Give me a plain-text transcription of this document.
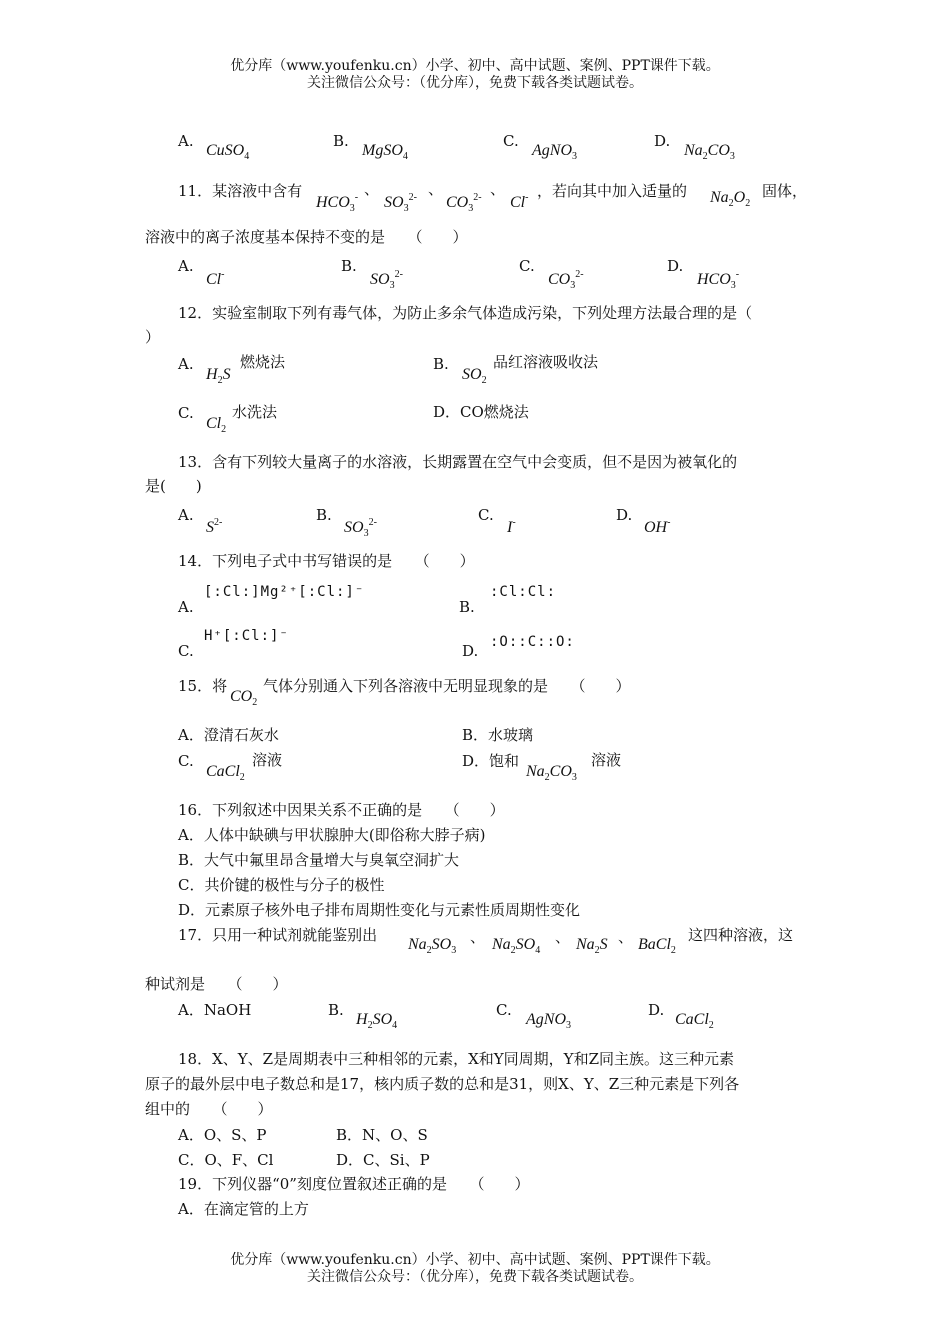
优分库（www.youfenku.cn）小学、初中、高中试题、案例、PPT课件下载。
关注微信公众号：（优分库），免费下载各类试题试卷。
A.
CuSO$_4$
B.
MgSO$_4$
C.
AgNO$_3$
D.
$Na_2CO_3$
11．某溶液中含有
$HCO_3^-$ 、
$SO_3^{2-}$ 、
$CO_3^{2-}$ 、
Cl- ，若向其中加入适量的 $Na_2O_2$
固体，
溶液中的离子浓度基本保持不变的是　　（　　）
A.
Cl-	B.
$SO_3^{2-}$	C.
$CO_3^{2-}$	D.
$HCO_3^-$
12．实验室制取下列有毒气体，为防止多余气体造成污染，下列处理方法最合理的是（
）
A.
$H_2S$
燃烧法	B.
$SO_2$
品红溶液吸收法
C.
$Cl_2$
水洗法	D．CO燃烧法
13．含有下列较大量离子的水溶液，长期露置在空气中会变质，但不是因为被氧化的
是(　　)
A.
$S^{2-}$	B.
$SO_3^{2-}$	C.
I-	D.
OH-
14．下列电子式中书写错误的是　　（　　）
A.
[:Cl:]Mg²⁺[:Cl:]⁻
B.
:Cl:Cl:
C.
H⁺[:Cl:]⁻
D. :O::C::O:
15．将
$CO_2$
气体分别通入下列各溶液中无明显现象的是　　（　　）
A．澄清石灰水	B．水玻璃
C.
CaCl$_2$
溶液	D．饱和
$Na_2CO_3$
溶液
16．下列叙述中因果关系不正确的是　　（　　）
A．人体中缺碘与甲状腺肿大(即俗称大脖子病)
B．大气中氟里昂含量增大与臭氧空洞扩大
C．共价键的极性与分子的极性
D．元素原子核外电子排布周期性变化与元素性质周期性变化
17．只用一种试剂就能鉴别出
$Na_2SO_3$
、 $Na_2SO_4$
、 $Na_2S$ 、 BaCl$_2$
这四种溶液，这
种试剂是　　（　　）
A．NaOH	B.
$H_2SO_4$
C.
AgNO$_3$
D.
CaCl$_2$
18．X、Y、Z是周期表中三种相邻的元素，X和Y同周期，Y和Z同主族。这三种元素
原子的最外层中电子数总和是17，核内质子数的总和是31，则X、Y、Z三种元素是下列各
组中的　　（　　）
A．O、S、P	B．N、O、S
C．O、F、Cl	D．C、Si、P
19．下列仪器“0”刻度位置叙述正确的是　　（　　）
A．在滴定管的上方
优分库（www.youfenku.cn）小学、初中、高中试题、案例、PPT课件下载。
关注微信公众号：（优分库），免费下载各类试题试卷。
